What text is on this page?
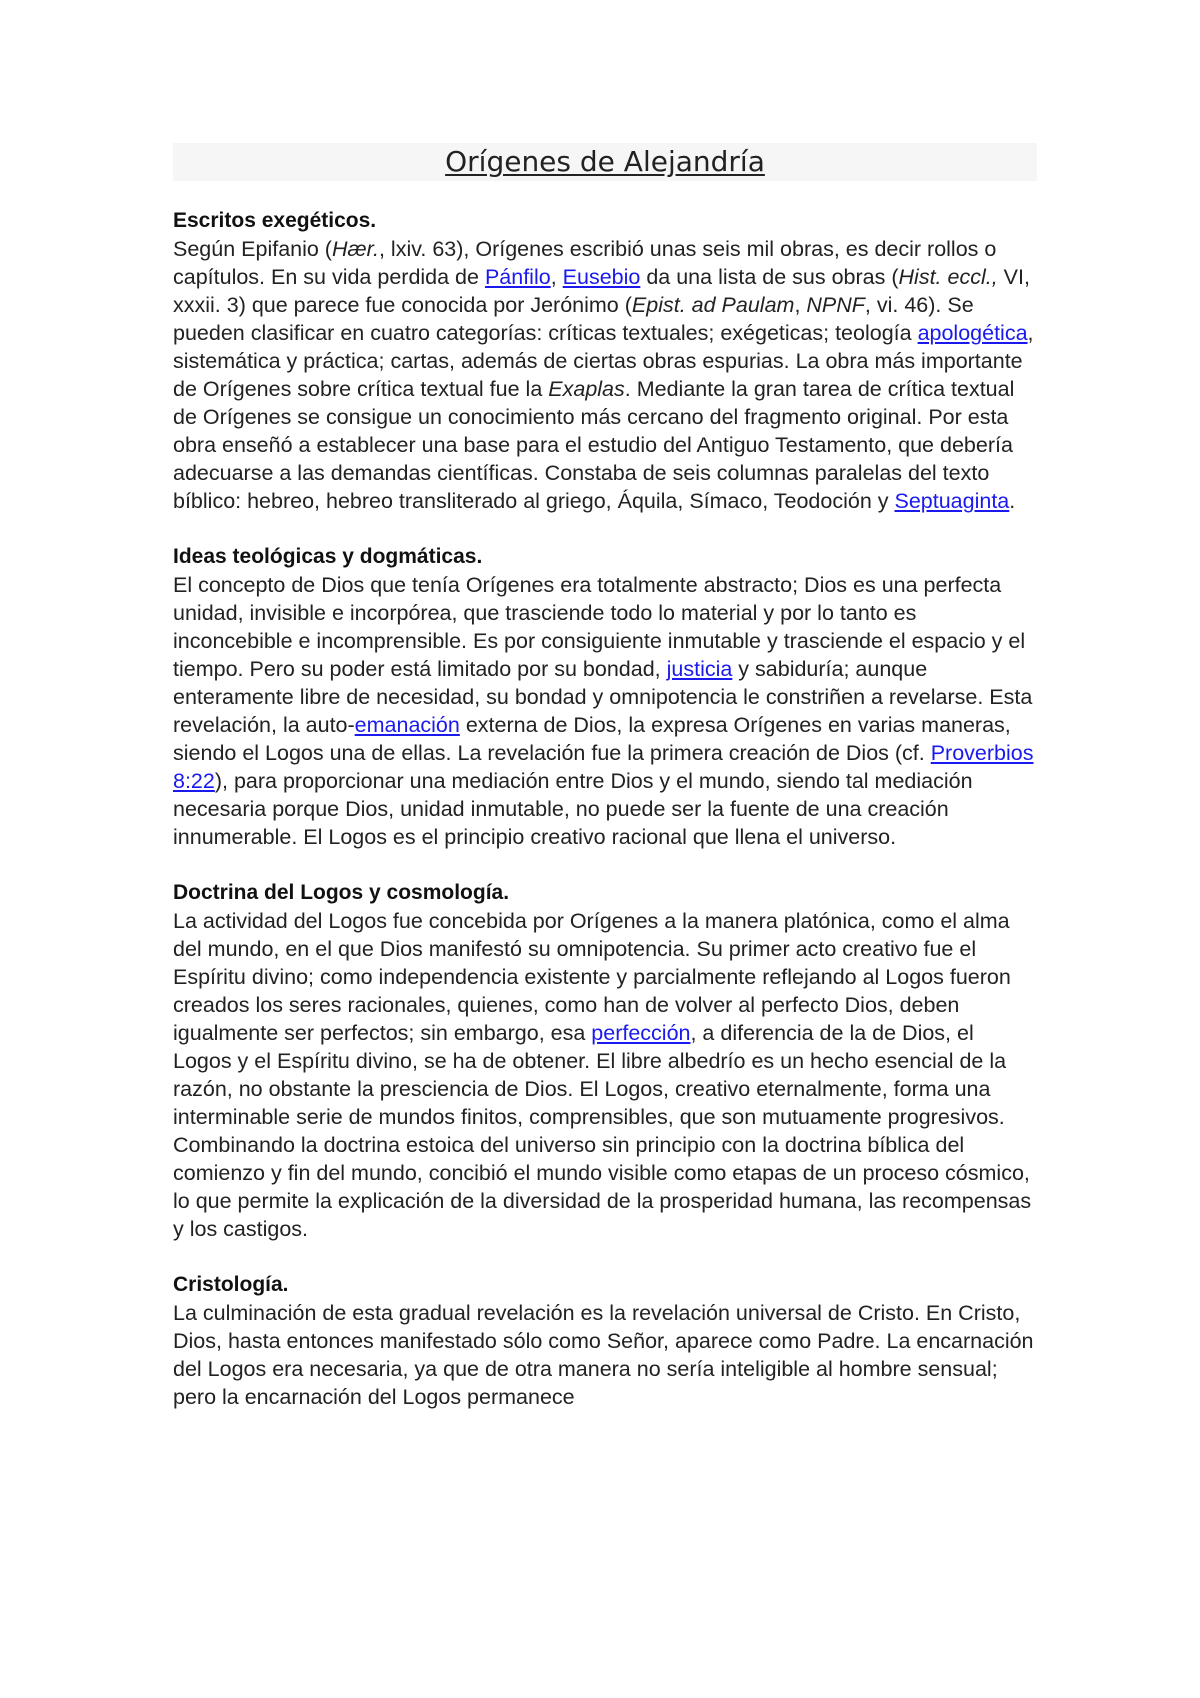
Orígenes de Alejandría

Escritos exegéticos.

Según Epifanio (Hær., lxiv. 63), Orígenes escribió unas seis mil obras, es decir rollos o capítulos. En su vida perdida de Pánfilo, Eusebio da una lista de sus obras (Hist. eccl., VI, xxxii. 3) que parece fue conocida por Jerónimo (Epist. ad Paulam, NPNF, vi. 46). Se pueden clasificar en cuatro categorías: críticas textuales; exégeticas; teología apologética, sistemática y práctica; cartas, además de ciertas obras espurias. La obra más importante de Orígenes sobre crítica textual fue la Exaplas. Mediante la gran tarea de crítica textual de Orígenes se consigue un conocimiento más cercano del fragmento original. Por esta obra enseñó a establecer una base para el estudio del Antiguo Testamento, que debería adecuarse a las demandas científicas. Constaba de seis columnas paralelas del texto bíblico: hebreo, hebreo transliterado al griego, Áquila, Símaco, Teodoción y Septuaginta.

Ideas teológicas y dogmáticas.

El concepto de Dios que tenía Orígenes era totalmente abstracto; Dios es una perfecta unidad, invisible e incorpórea, que trasciende todo lo material y por lo tanto es inconcebible e incomprensible. Es por consiguiente inmutable y trasciende el espacio y el tiempo. Pero su poder está limitado por su bondad, justicia y sabiduría; aunque enteramente libre de necesidad, su bondad y omnipotencia le constriñen a revelarse. Esta revelación, la auto-emanación externa de Dios, la expresa Orígenes en varias maneras, siendo el Logos una de ellas. La revelación fue la primera creación de Dios (cf. Proverbios 8:22), para proporcionar una mediación entre Dios y el mundo, siendo tal mediación necesaria porque Dios, unidad inmutable, no puede ser la fuente de una creación innumerable. El Logos es el principio creativo racional que llena el universo.

Doctrina del Logos y cosmología.

La actividad del Logos fue concebida por Orígenes a la manera platónica, como el alma del mundo, en el que Dios manifestó su omnipotencia. Su primer acto creativo fue el Espíritu divino; como independencia existente y parcialmente reflejando al Logos fueron creados los seres racionales, quienes, como han de volver al perfecto Dios, deben igualmente ser perfectos; sin embargo, esa perfección, a diferencia de la de Dios, el Logos y el Espíritu divino, se ha de obtener. El libre albedrío es un hecho esencial de la razón, no obstante la presciencia de Dios. El Logos, creativo eternalmente, forma una interminable serie de mundos finitos, comprensibles, que son mutuamente progresivos. Combinando la doctrina estoica del universo sin principio con la doctrina bíblica del comienzo y fin del mundo, concibió el mundo visible como etapas de un proceso cósmico, lo que permite la explicación de la diversidad de la prosperidad humana, las recompensas y los castigos.

Cristología.

La culminación de esta gradual revelación es la revelación universal de Cristo. En Cristo, Dios, hasta entonces manifestado sólo como Señor, aparece como Padre. La encarnación del Logos era necesaria, ya que de otra manera no sería inteligible al hombre sensual; pero la encarnación del Logos permanece
